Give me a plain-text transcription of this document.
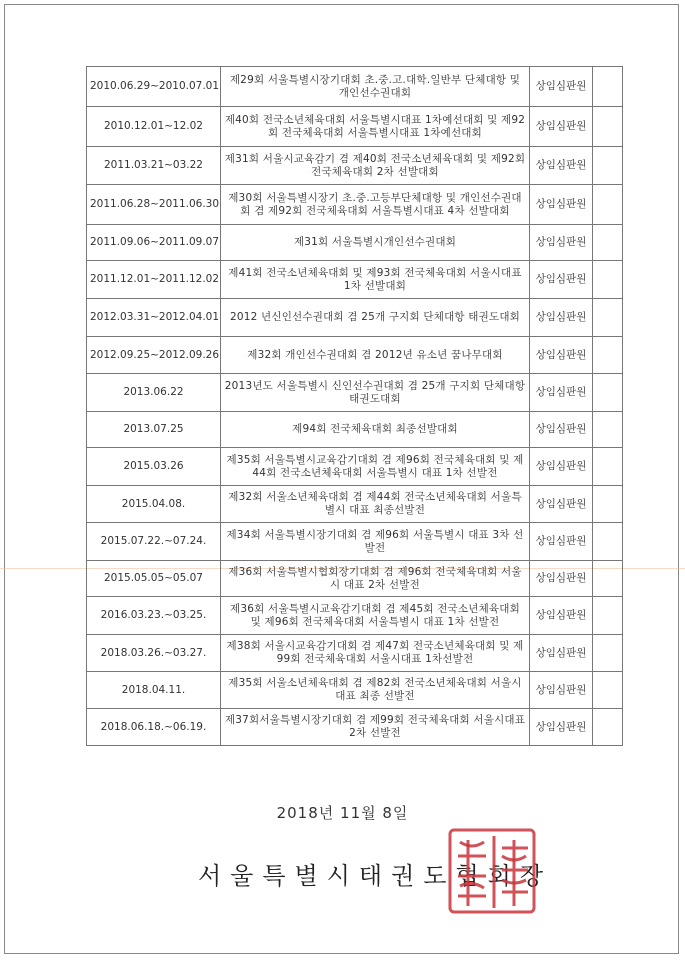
2010.06.29~2010.07.01	제29회 서울특별시장기대회 초.중.고.대학.일반부 단체대항 및 개인선수권대회	상임심판원	
2010.12.01~12.02	제40회 전국소년체육대회 서울특별시대표 1차예선대회 및 제92회 전국체육대회 서울특별시대표 1차예선대회	상임심판원	
2011.03.21~03.22	제31회 서울시교육감기 겸 제40회 전국소년체육대회 및 제92회 전국체육대회 2차 선발대회	상임심판원	
2011.06.28~2011.06.30	제30회 서울특별시장기 초.중.고등부단체대항 및 개인선수권대회 겸 제92회 전국체육대회 서울특별시대표 4차 선발대회	상임심판원	
2011.09.06~2011.09.07	제31회 서울특별시개인선수권대회	상임심판원	
2011.12.01~2011.12.02	제41회 전국소년체육대회 및 제93회 전국체육대회 서울시대표 1차 선발대회	상임심판원	
2012.03.31~2012.04.01	2012 년신인선수권대회 겸 25개 구지회 단체대항 태권도대회	상임심판원	
2012.09.25~2012.09.26	제32회 개인선수권대회 겸 2012년 유소년 꿈나무대회	상임심판원	
2013.06.22	2013년도 서울특별시 신인선수권대회 겸 25개 구지회 단체대항 태권도대회	상임심판원	
2013.07.25	제94회 전국체육대회 최종선발대회	상임심판원	
2015.03.26	제35회 서울특별시교육감기대회 겸 제96회 전국체육대회 및 제44회 전국소년체육대회 서울특별시 대표 1차 선발전	상임심판원	
2015.04.08.	제32회 서울소년체육대회 겸 제44회 전국소년체육대회 서울특별시 대표 최종선발전	상임심판원	
2015.07.22.~07.24.	제34회 서울특별시장기대회 겸 제96회 서울특별시 대표 3차 선발전	상임심판원	
2015.05.05~05.07	제36회 서울특별시협회장기대회 겸 제96회 전국체육대회 서울시 대표 2차 선발전	상임심판원	
2016.03.23.~03.25.	제36회 서울특별시교육감기대회 겸 제45회 전국소년체육대회 및 제96회 전국체육대회 서울특별시 대표 1차 선발전	상임심판원	
2018.03.26.~03.27.	제38회 서울시교육감기대회 겸 제47회 전국소년체육대회 및 제99회 전국체육대회 서울시대표 1차선발전	상임심판원	
2018.04.11.	제35회 서울소년체육대회 겸 제82회 전국소년체육대회 서울시대표 최종 선발전	상임심판원	
2018.06.18.~06.19.	제37회서울특별시장기대회 겸 제99회 전국체육대회 서울시대표 2차 선발전	상임심판원	
2018년 11월 8일
서울특별시태권도협회장
